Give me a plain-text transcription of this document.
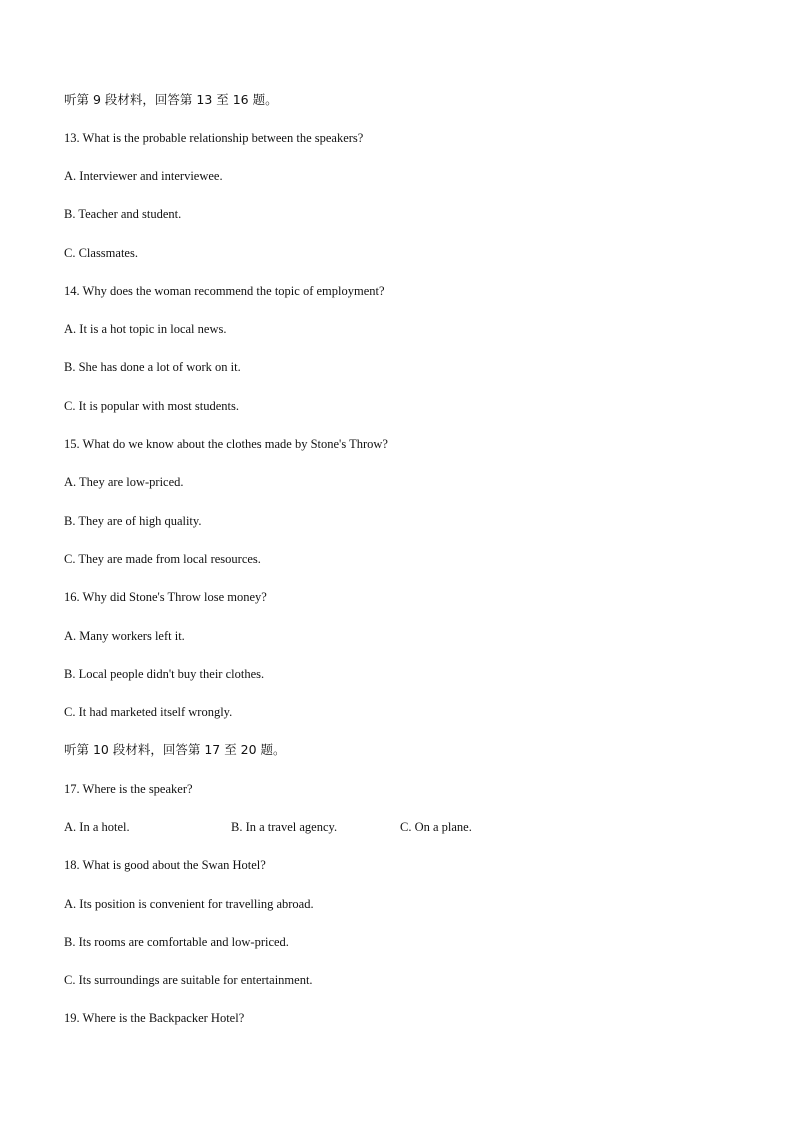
听第 9 段材料，回答第 13 至 16 题。
13. What is the probable relationship between the speakers?
A. Interviewer and interviewee.
B. Teacher and student.
C. Classmates.
14. Why does the woman recommend the topic of employment?
A. It is a hot topic in local news.
B. She has done a lot of work on it.
C. It is popular with most students.
15. What do we know about the clothes made by Stone's Throw?
A. They are low-priced.
B. They are of high quality.
C. They are made from local resources.
16. Why did Stone's Throw lose money?
A. Many workers left it.
B. Local people didn't buy their clothes.
C. It had marketed itself wrongly.
听第 10 段材料，回答第 17 至 20 题。
17. Where is the speaker?
A. In a hotel.	B. In a travel agency.	C. On a plane.
18. What is good about the Swan Hotel?
A. Its position is convenient for travelling abroad.
B. Its rooms are comfortable and low-priced.
C. Its surroundings are suitable for entertainment.
19. Where is the Backpacker Hotel?
